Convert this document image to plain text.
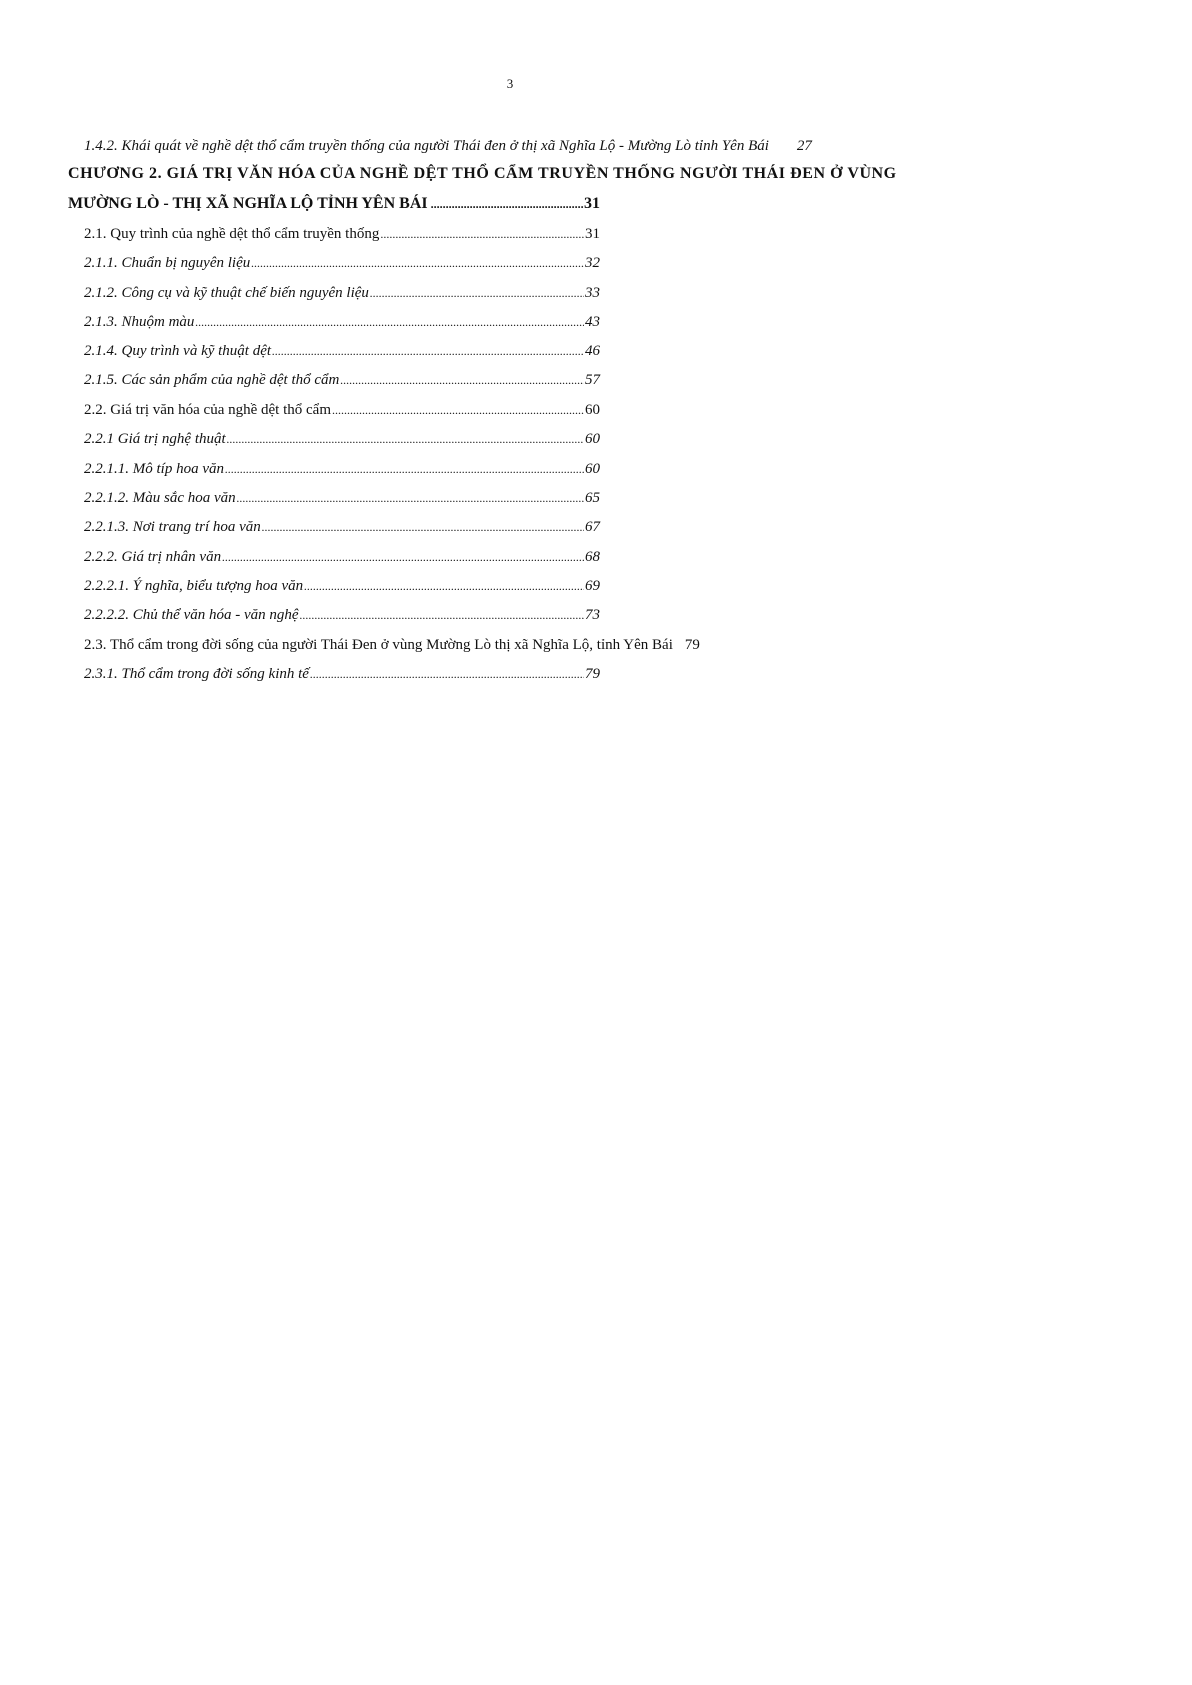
3
1.4.2. Khái quát về nghề dệt thổ cẩm truyền thống của người Thái đen ở thị xã Nghĩa Lộ - Mường Lò tỉnh Yên Bái 27
CHƯƠNG 2. GIÁ TRỊ VĂN HÓA CỦA NGHỀ DỆT THỔ CẨM TRUYỀN THỐNG NGƯỜI THÁI ĐEN Ở VÙNG
MƯỜNG LÒ - THỊ XÃ NGHĨA LỘ TỈNH YÊN BÁI .....	31
2.1. Quy trình của nghề dệt thổ cẩm truyền thống .....	31
2.1.1. Chuẩn bị nguyên liệu .....	32
2.1.2. Công cụ và kỹ thuật chế biến nguyên liệu .....	33
2.1.3. Nhuộm màu .....	43
2.1.4. Quy trình và kỹ thuật dệt .....	46
2.1.5. Các sản phẩm của nghề dệt thổ cẩm .....	57
2.2. Giá trị văn hóa của nghề dệt thổ cẩm .....	60
2.2.1 Giá trị nghệ thuật .....	60
2.2.1.1. Mô típ hoa văn .....	60
2.2.1.2. Màu sắc hoa văn .....	65
2.2.1.3. Nơi trang trí hoa văn .....	67
2.2.2. Giá trị nhân văn .....	68
2.2.2.1. Ý nghĩa, biểu tượng hoa văn .....	69
2.2.2.2. Chủ thể văn hóa - văn nghệ .....	73
2.3. Thổ cẩm trong đời sống của người Thái Đen ở vùng Mường Lò thị xã Nghĩa Lộ, tỉnh Yên Bái 79
2.3.1. Thổ cẩm trong đời sống kinh tế .....	79
